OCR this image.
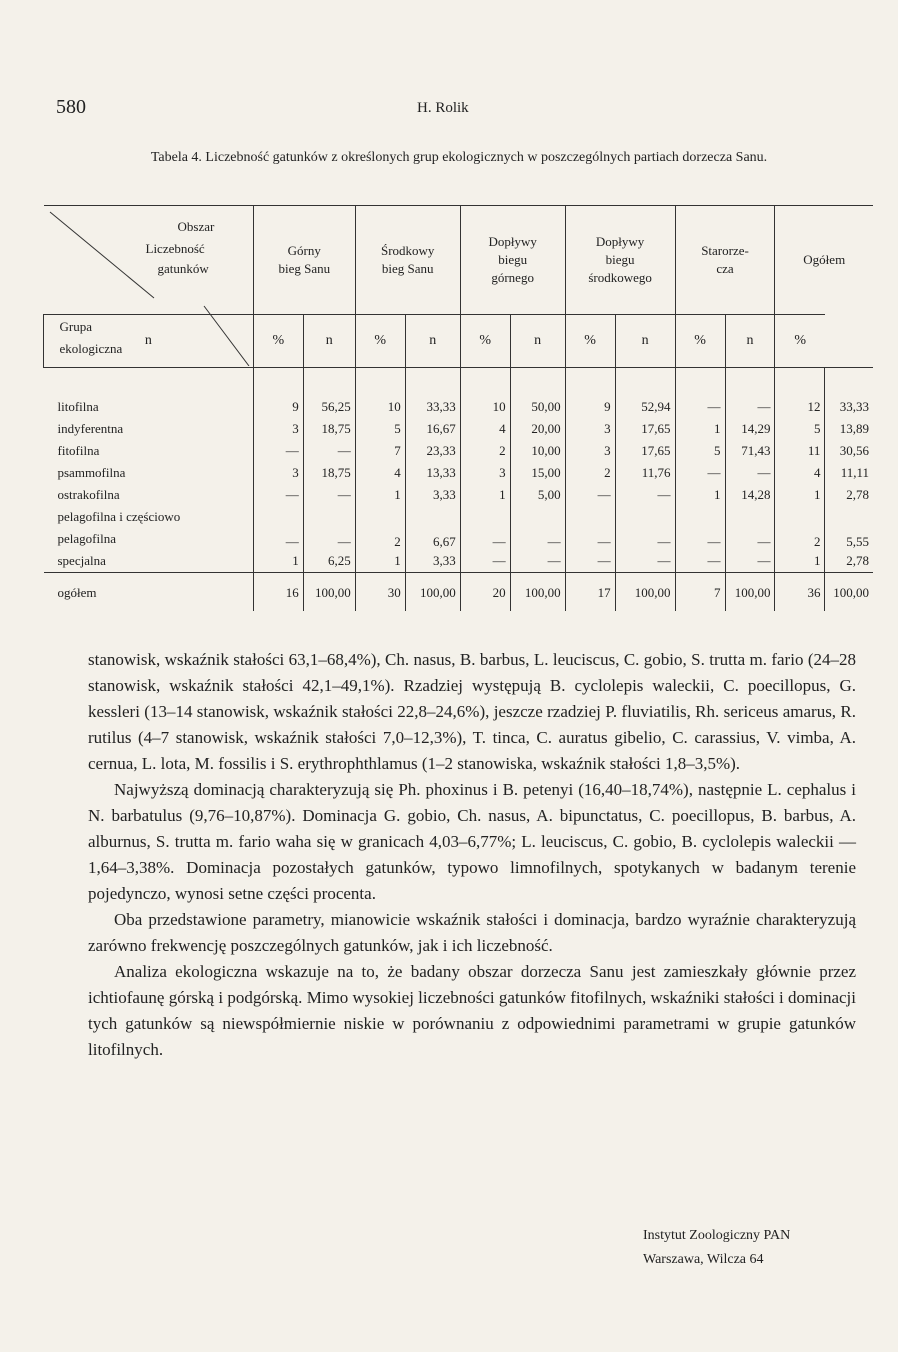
580	H. Rolik
Tabela 4. Liczebność gatunków z określonych grup ekologicznych w poszczególnych partiach dorzecza Sanu.
Obszar
Liczebność
gatunków
Grupa
ekologiczna	Górny
bieg Sanu		Środkowy
bieg Sanu		Dopływy
biegu
górnego		Dopływy
biegu
środkowego		Starorze-
cza		Ogółem	
n	%	n	%	n	%	n	%	n	%	n	%	

litofilna	9	56,25	10	33,33	10	50,00	9	52,94	—	—	12	33,33
indyferentna	3	18,75	5	16,67	4	20,00	3	17,65	1	14,29	5	13,89
fitofilna	—	—	7	23,33	2	10,00	3	17,65	5	71,43	11	30,56
psammofilna	3	18,75	4	13,33	3	15,00	2	11,76	—	—	4	11,11
ostrakofilna	—	—	1	3,33	1	5,00	—	—	1	14,28	1	2,78
pelagofilna i częściowo
pelagofilna	—	—	2	6,67	—	—	—	—	—	—	2	5,55
specjalna	1	6,25	1	3,33	—	—	—	—	—	—	1	2,78

ogółem	16	100,00	30	100,00	20	100,00	17	100,00	7	100,00	36	100,00

stanowisk, wskaźnik stałości 63,1–68,4%), Ch. nasus, B. barbus, L. leuciscus, C. gobio, S. trutta m. fario (24–28 stanowisk, wskaźnik stałości 42,1–49,1%). Rzadziej występują B. cyclolepis waleckii, C. poecillopus, G. kessleri (13–14 stanowisk, wskaźnik stałości 22,8–24,6%), jeszcze rzadziej P. fluviatilis, Rh. sericeus amarus, R. rutilus (4–7 stanowisk, wskaźnik stałości 7,0–12,3%), T. tinca, C. auratus gibelio, C. carassius, V. vimba, A. cernua, L. lota, M. fossilis i S. erythrophthlamus (1–2 stanowiska, wskaźnik stałości 1,8–3,5%).

Najwyższą dominacją charakteryzują się Ph. phoxinus i B. petenyi (16,40–18,74%), następnie L. cephalus i N. barbatulus (9,76–10,87%). Dominacja G. gobio, Ch. nasus, A. bipunctatus, C. poecillopus, B. barbus, A. alburnus, S. trutta m. fario waha się w granicach 4,03–6,77%; L. leuciscus, C. gobio, B. cyclolepis waleckii — 1,64–3,38%. Dominacja pozostałych gatunków, typowo limnofilnych, spotykanych w badanym terenie pojedynczo, wynosi setne części procenta.

Oba przedstawione parametry, mianowicie wskaźnik stałości i dominacja, bardzo wyraźnie charakteryzują zarówno frekwencję poszczególnych gatunków, jak i ich liczebność.

Analiza ekologiczna wskazuje na to, że badany obszar dorzecza Sanu jest zamieszkały głównie przez ichtiofaunę górską i podgórską. Mimo wysokiej liczebności gatunków fitofilnych, wskaźniki stałości i dominacji tych gatunków są niewspółmiernie niskie w porównaniu z odpowiednimi parametrami w grupie gatunków litofilnych.

Instytut Zoologiczny PAN
Warszawa, Wilcza 64
